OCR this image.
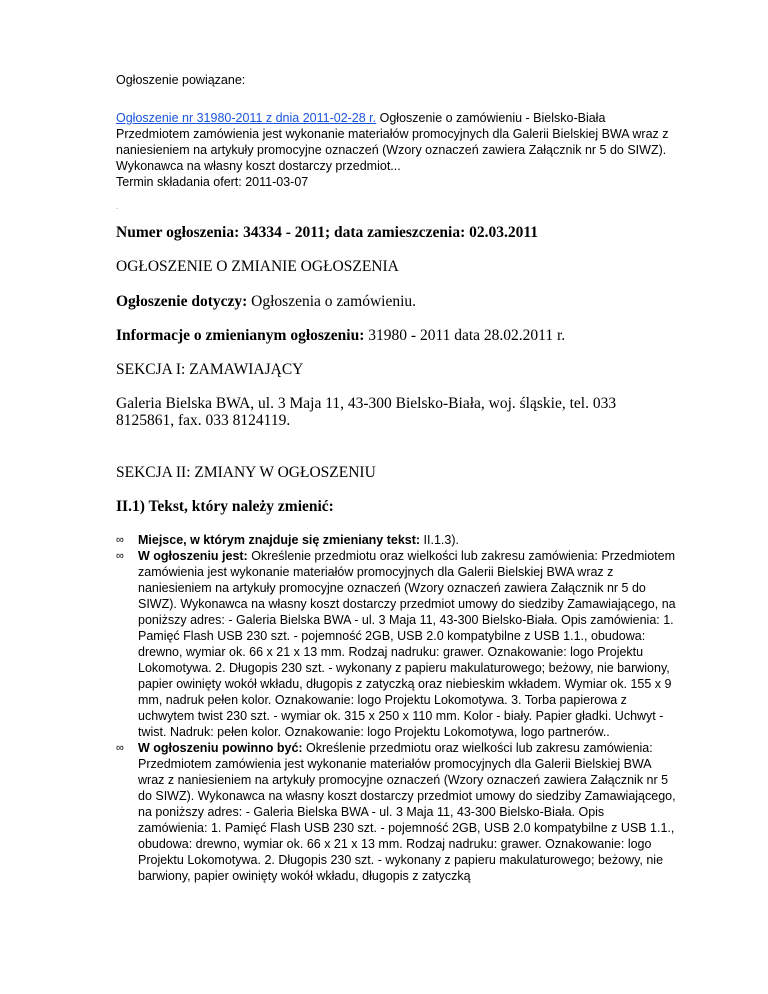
Ogłoszenie powiązane:
Ogłoszenie nr 31980-2011 z dnia 2011-02-28 r. Ogłoszenie o zamówieniu - Bielsko-Biała
Przedmiotem zamówienia jest wykonanie materiałów promocyjnych dla Galerii Bielskiej BWA wraz z naniesieniem na artykuły promocyjne oznaczeń (Wzory oznaczeń zawiera Załącznik nr 5 do SIWZ). Wykonawca na własny koszt dostarczy przedmiot...
Termin składania ofert: 2011-03-07
.
Numer ogłoszenia: 34334 - 2011; data zamieszczenia: 02.03.2011
OGŁOSZENIE O ZMIANIE OGŁOSZENIA
Ogłoszenie dotyczy: Ogłoszenia o zamówieniu.
Informacje o zmienianym ogłoszeniu: 31980 - 2011 data 28.02.2011 r.
SEKCJA I: ZAMAWIAJĄCY
Galeria Bielska BWA, ul. 3 Maja 11, 43-300 Bielsko-Biała, woj. śląskie, tel. 033 8125861, fax. 033 8124119.
SEKCJA II: ZMIANY W OGŁOSZENIU
II.1) Tekst, który należy zmienić:
∞	Miejsce, w którym znajduje się zmieniany tekst: II.1.3).
∞	W ogłoszeniu jest: Określenie przedmiotu oraz wielkości lub zakresu zamówienia: Przedmiotem zamówienia jest wykonanie materiałów promocyjnych dla Galerii Bielskiej BWA wraz z naniesieniem na artykuły promocyjne oznaczeń (Wzory oznaczeń zawiera Załącznik nr 5 do SIWZ). Wykonawca na własny koszt dostarczy przedmiot umowy do siedziby Zamawiającego, na poniższy adres: - Galeria Bielska BWA - ul. 3 Maja 11, 43-300 Bielsko-Biała. Opis zamówienia: 1. Pamięć Flash USB 230 szt. - pojemność 2GB, USB 2.0 kompatybilne z USB 1.1., obudowa: drewno, wymiar ok. 66 x 21 x 13 mm. Rodzaj nadruku: grawer. Oznakowanie: logo Projektu Lokomotywa. 2. Długopis 230 szt. - wykonany z papieru makulaturowego; beżowy, nie barwiony, papier owinięty wokół wkładu, długopis z zatyczką oraz niebieskim wkładem. Wymiar ok. 155 x 9 mm, nadruk pełen kolor. Oznakowanie: logo Projektu Lokomotywa. 3. Torba papierowa z uchwytem twist 230 szt. - wymiar ok. 315 x 250 x 110 mm. Kolor - biały. Papier gładki. Uchwyt - twist. Nadruk: pełen kolor. Oznakowanie: logo Projektu Lokomotywa, logo partnerów..
∞	W ogłoszeniu powinno być: Określenie przedmiotu oraz wielkości lub zakresu zamówienia: Przedmiotem zamówienia jest wykonanie materiałów promocyjnych dla Galerii Bielskiej BWA wraz z naniesieniem na artykuły promocyjne oznaczeń (Wzory oznaczeń zawiera Załącznik nr 5 do SIWZ). Wykonawca na własny koszt dostarczy przedmiot umowy do siedziby Zamawiającego, na poniższy adres: - Galeria Bielska BWA - ul. 3 Maja 11, 43-300 Bielsko-Biała. Opis zamówienia: 1. Pamięć Flash USB 230 szt. - pojemność 2GB, USB 2.0 kompatybilne z USB 1.1., obudowa: drewno, wymiar ok. 66 x 21 x 13 mm. Rodzaj nadruku: grawer. Oznakowanie: logo Projektu Lokomotywa. 2. Długopis 230 szt. - wykonany z papieru makulaturowego; beżowy, nie barwiony, papier owinięty wokół wkładu, długopis z zatyczką
